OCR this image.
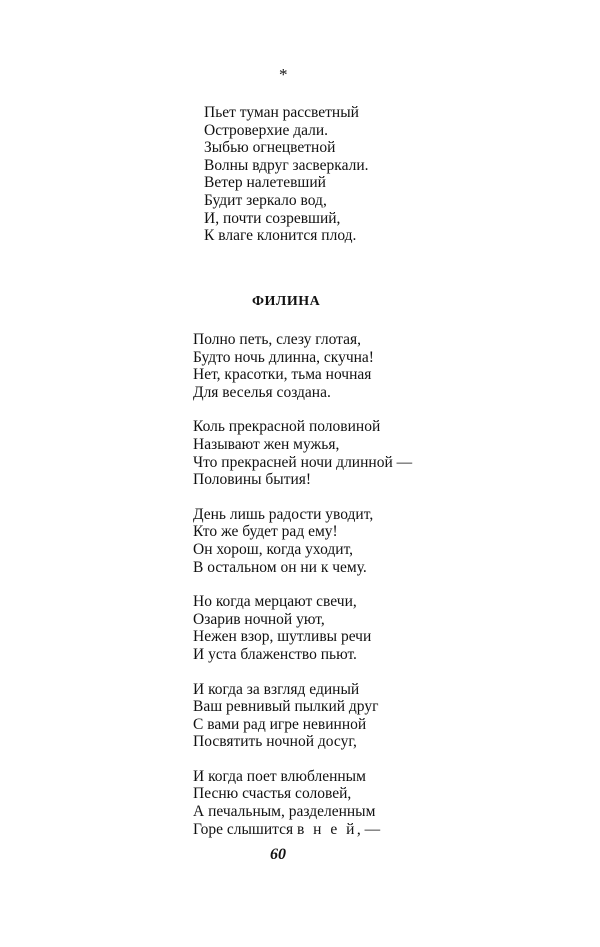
*
Пьет туман рассветный
Островерхие дали.
Зыбью огнецветной
Волны вдруг засверкали.
Ветер налетевший
Будит зеркало вод,
И, почти созревший,
К влаге клонится плод.
ФИЛИНА
Полно петь, слезу глотая,
Будто ночь длинна, скучна!
Нет, красотки, тьма ночная
Для веселья создана.
Коль прекрасной половиной
Называют жен мужья,
Что прекрасней ночи длинной —
Половины бытия!
День лишь радости уводит,
Кто же будет рад ему!
Он хорош, когда уходит,
В остальном он ни к чему.
Но когда мерцают свечи,
Озарив ночной уют,
Нежен взор, шутливы речи
И уста блаженство пьют.
И когда за взгляд единый
Ваш ревнивый пылкий друг
С вами рад игре невинной
Посвятить ночной досуг,
И когда поет влюбленным
Песню счастья соловей,
А печальным, разделенным
Горе слышится в н е й, —
60
